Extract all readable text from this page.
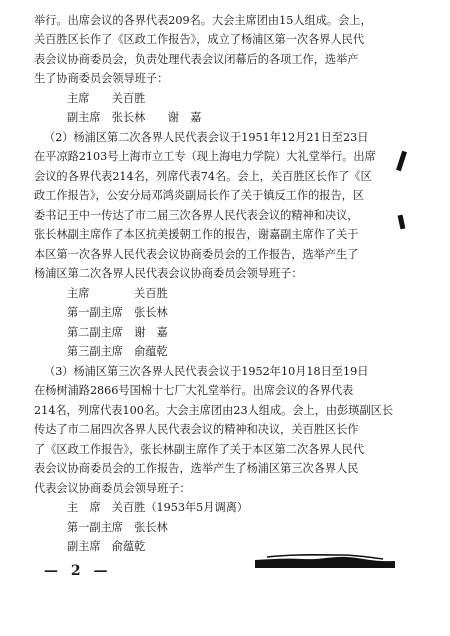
举行。出席会议的各界代表209名。大会主席团由15人组成。会上，
关百胜区长作了《区政工作报告》，成立了杨浦区第一次各界人民代
表会议协商委员会，负责处理代表会议闭幕后的各项工作，选举产
生了协商委员会领导班子：
主席　　关百胜
副主席　张长林　　谢　嘉
（2）杨浦区第二次各界人民代表会议于1951年12月21日至23日
在平凉路2103号上海市立工专（现上海电力学院）大礼堂举行。出席
会议的各界代表214名，列席代表74名。会上，关百胜区长作了《区
政工作报告》，公安分局邓鸿炎副局长作了关于镇反工作的报告，区
委书记王中一传达了市二届三次各界人民代表会议的精神和决议，
张长林副主席作了本区抗美援朝工作的报告，谢嘉副主席作了关于
本区第一次各界人民代表会议协商委员会的工作报告，选举产生了
杨浦区第二次各界人民代表会议协商委员会领导班子：
主席　　　　关百胜
第一副主席　张长林
第二副主席　谢　嘉
第三副主席　俞蕴乾
（3）杨浦区第三次各界人民代表会议于1952年10月18日至19日
在杨树浦路2866号国棉十七厂大礼堂举行。出席会议的各界代表
214名，列席代表100名。大会主席团由23人组成。会上，由彭瑛副区长
传达了市二届四次各界人民代表会议的精神和决议，关百胜区长作
了《区政工作报告》，张长林副主席作了关于本区第二次各界人民代
表会议协商委员会的工作报告，选举产生了杨浦区第三次各界人民
代表会议协商委员会领导班子：
主　席　关百胜（1953年5月调离）
第一副主席　张长林
副主席　俞蕴乾
— 2 —
